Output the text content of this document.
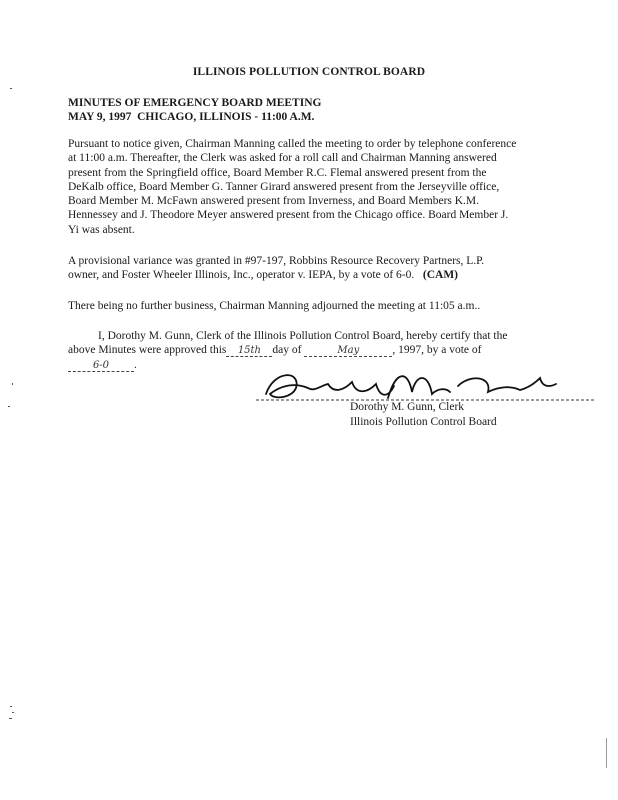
ILLINOIS POLLUTION CONTROL BOARD
MINUTES OF EMERGENCY BOARD MEETING
MAY 9, 1997  CHICAGO, ILLINOIS - 11:00 A.M.
Pursuant to notice given, Chairman Manning called the meeting to order by telephone conference
at 11:00 a.m. Thereafter, the Clerk was asked for a roll call and Chairman Manning answered
present from the Springfield office, Board Member R.C. Flemal answered present from the
DeKalb office, Board Member G. Tanner Girard answered present from the Jerseyville office,
Board Member M. McFawn answered present from Inverness, and Board Members K.M.
Hennessey and J. Theodore Meyer answered present from the Chicago office. Board Member J.
Yi was absent.
A provisional variance was granted in #97-197, Robbins Resource Recovery Partners, L.P.
owner, and Foster Wheeler Illinois, Inc., operator v. IEPA, by a vote of 6-0. (CAM)
There being no further business, Chairman Manning adjourned the meeting at 11:05 a.m..
I, Dorothy M. Gunn, Clerk of the Illinois Pollution Control Board, hereby certify that the
above Minutes were approved this 15th day of	May	, 1997, by a vote of
6-0 .
Dorothy M. Gunn, Clerk
Illinois Pollution Control Board
